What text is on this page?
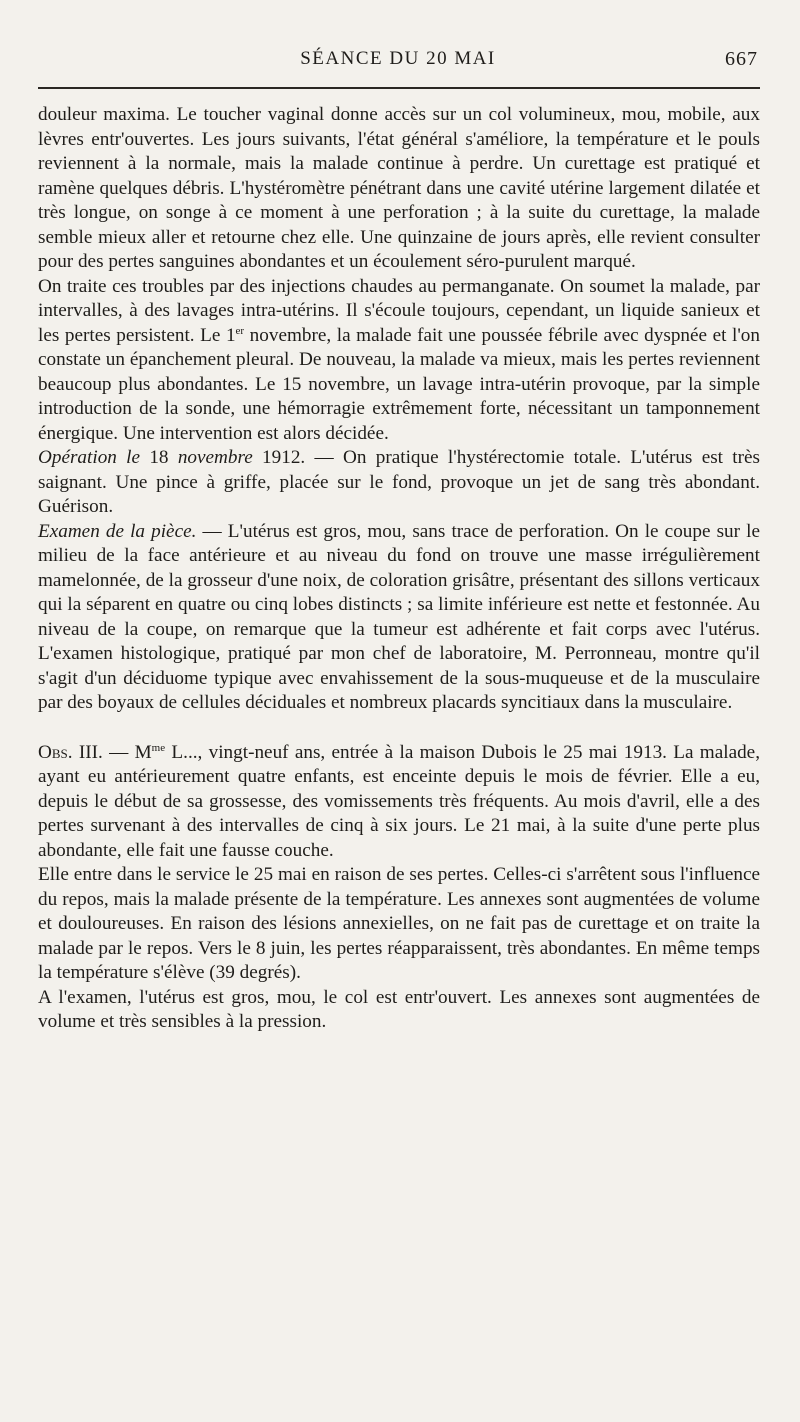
SÉANCE DU 20 MAI	667

douleur maxima. Le toucher vaginal donne accès sur un col volumineux, mou, mobile, aux lèvres entr'ouvertes. Les jours suivants, l'état général s'améliore, la température et le pouls reviennent à la normale, mais la malade continue à perdre. Un curettage est pratiqué et ramène quelques débris. L'hystéromètre pénétrant dans une cavité utérine largement dilatée et très longue, on songe à ce moment à une perforation ; à la suite du curettage, la malade semble mieux aller et retourne chez elle. Une quinzaine de jours après, elle revient consulter pour des pertes sanguines abondantes et un écoulement séro-purulent marqué.

On traite ces troubles par des injections chaudes au permanganate. On soumet la malade, par intervalles, à des lavages intra-utérins. Il s'écoule toujours, cependant, un liquide sanieux et les pertes persistent. Le 1er novembre, la malade fait une poussée fébrile avec dyspnée et l'on constate un épanchement pleural. De nouveau, la malade va mieux, mais les pertes reviennent beaucoup plus abondantes. Le 15 novembre, un lavage intra-utérin provoque, par la simple introduction de la sonde, une hémorragie extrêmement forte, nécessitant un tamponnement énergique. Une intervention est alors décidée.

Opération le 18 novembre 1912. — On pratique l'hystérectomie totale. L'utérus est très saignant. Une pince à griffe, placée sur le fond, provoque un jet de sang très abondant. Guérison.

Examen de la pièce. — L'utérus est gros, mou, sans trace de perforation. On le coupe sur le milieu de la face antérieure et au niveau du fond on trouve une masse irrégulièrement mamelonnée, de la grosseur d'une noix, de coloration grisâtre, présentant des sillons verticaux qui la séparent en quatre ou cinq lobes distincts ; sa limite inférieure est nette et festonnée. Au niveau de la coupe, on remarque que la tumeur est adhérente et fait corps avec l'utérus. L'examen histologique, pratiqué par mon chef de laboratoire, M. Perronneau, montre qu'il s'agit d'un déciduome typique avec envahissement de la sous-muqueuse et de la musculaire par des boyaux de cellules déciduales et nombreux placards syncitiaux dans la musculaire.

Obs. III. — $M^{me}$ L..., vingt-neuf ans, entrée à la maison Dubois le 25 mai 1913. La malade, ayant eu antérieurement quatre enfants, est enceinte depuis le mois de février. Elle a eu, depuis le début de sa grossesse, des vomissements très fréquents. Au mois d'avril, elle a des pertes survenant à des intervalles de cinq à six jours. Le 21 mai, à la suite d'une perte plus abondante, elle fait une fausse couche.

Elle entre dans le service le 25 mai en raison de ses pertes. Celles-ci s'arrêtent sous l'influence du repos, mais la malade présente de la température. Les annexes sont augmentées de volume et douloureuses. En raison des lésions annexielles, on ne fait pas de curettage et on traite la malade par le repos. Vers le 8 juin, les pertes réapparaissent, très abondantes. En même temps la température s'élève (39 degrés).

A l'examen, l'utérus est gros, mou, le col est entr'ouvert. Les annexes sont augmentées de volume et très sensibles à la pression.
